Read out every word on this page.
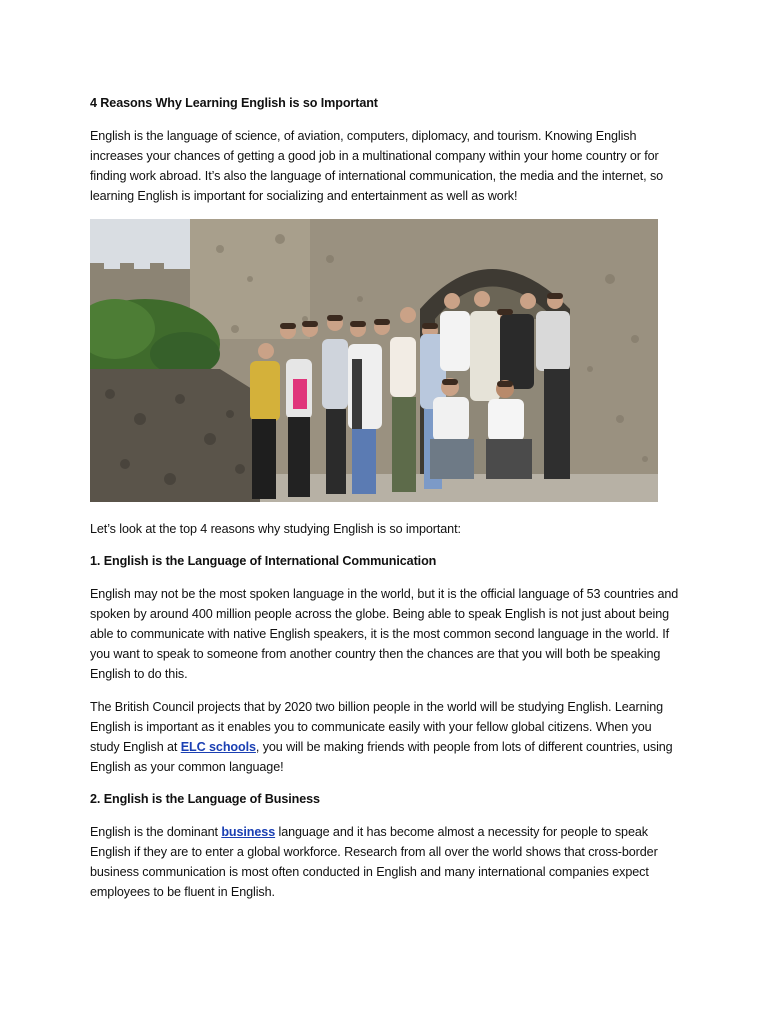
4 Reasons Why Learning English is so Important
English is the language of science, of aviation, computers, diplomacy, and tourism. Knowing English increases your chances of getting a good job in a multinational company within your home country or for finding work abroad. It’s also the language of international communication, the media and the internet, so learning English is important for socializing and entertainment as well as work!
Let’s look at the top 4 reasons why studying English is so important:
1. English is the Language of International Communication
English may not be the most spoken language in the world, but it is the official language of 53 countries and spoken by around 400 million people across the globe. Being able to speak English is not just about being able to communicate with native English speakers, it is the most common second language in the world. If you want to speak to someone from another country then the chances are that you will both be speaking English to do this.
The British Council projects that by 2020 two billion people in the world will be studying English. Learning English is important as it enables you to communicate easily with your fellow global citizens. When you study English at ELC schools, you will be making friends with people from lots of different countries, using English as your common language!
2. English is the Language of Business
English is the dominant business language and it has become almost a necessity for people to speak English if they are to enter a global workforce. Research from all over the world shows that cross-border business communication is most often conducted in English and many international companies expect employees to be fluent in English.
